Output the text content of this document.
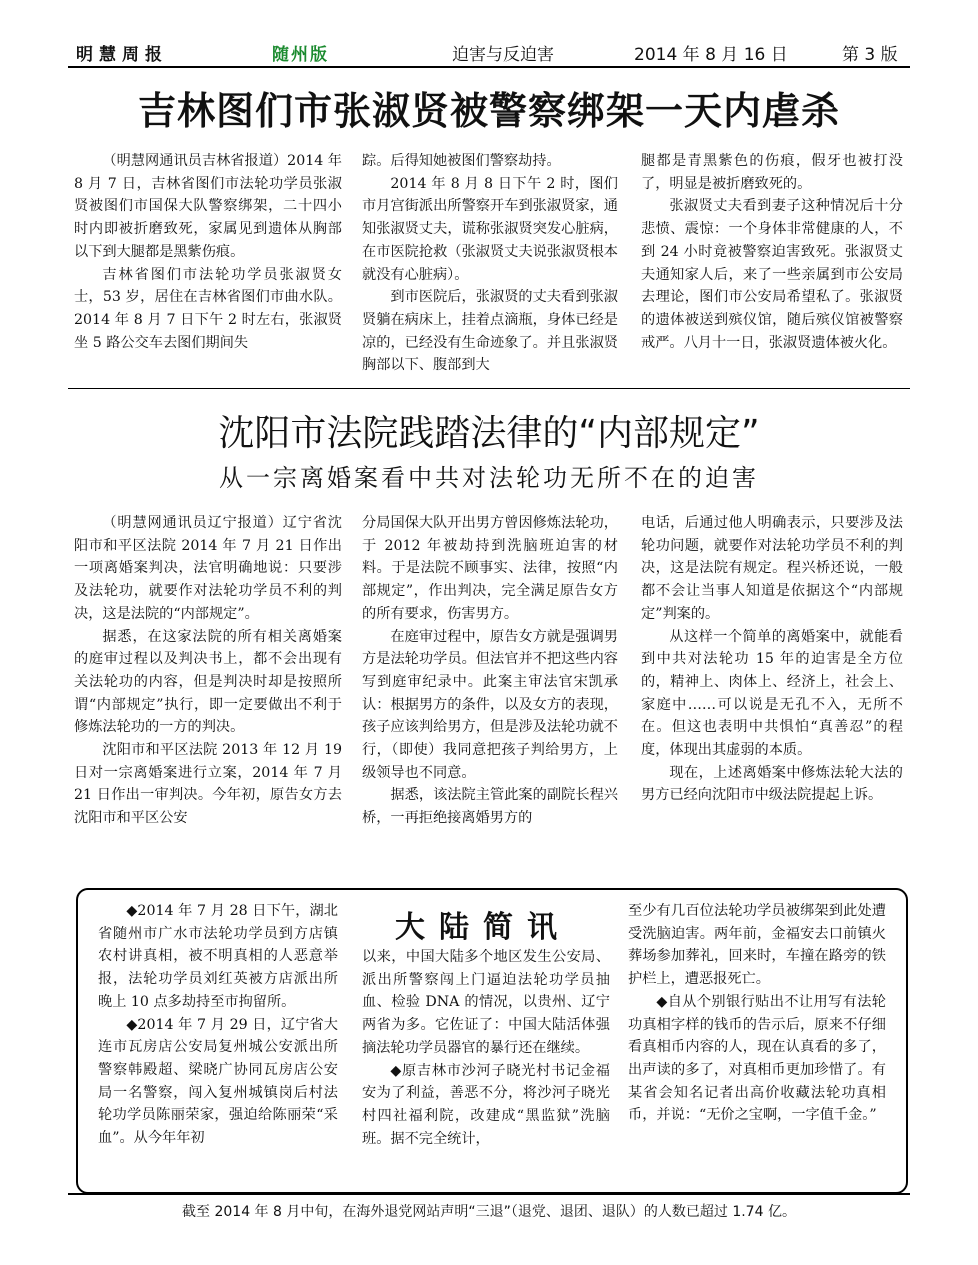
明慧周报	随州版	迫害与反迫害	2014 年 8 月 16 日	第 3 版
吉林图们市张淑贤被警察绑架一天内虐杀

（明慧网通讯员吉林省报道）2014 年 8 月 7 日，吉林省图们市法轮功学员张淑贤被图们市国保大队警察绑架，二十四小时内即被折磨致死，家属见到遗体从胸部以下到大腿都是黑紫伤痕。

吉林省图们市法轮功学员张淑贤女士，53 岁，居住在吉林省图们市曲水队。2014 年 8 月 7 日下午 2 时左右，张淑贤坐 5 路公交车去图们期间失

踪。后得知她被图们警察劫持。

2014 年 8 月 8 日下午 2 时，图们市月宫街派出所警察开车到张淑贤家，通知张淑贤丈夫，谎称张淑贤突发心脏病，在市医院抢救（张淑贤丈夫说张淑贤根本就没有心脏病）。

到市医院后，张淑贤的丈夫看到张淑贤躺在病床上，挂着点滴瓶，身体已经是凉的，已经没有生命迹象了。并且张淑贤胸部以下、腹部到大

腿都是青黑紫色的伤痕，假牙也被打没了，明显是被折磨致死的。

张淑贤丈夫看到妻子这种情况后十分悲愤、震惊：一个身体非常健康的人，不到 24 小时竟被警察迫害致死。张淑贤丈夫通知家人后，来了一些亲属到市公安局去理论，图们市公安局希望私了。张淑贤的遗体被送到殡仪馆，随后殡仪馆被警察戒严。八月十一日，张淑贤遗体被火化。

沈阳市法院践踏法律的“内部规定”
从一宗离婚案看中共对法轮功无所不在的迫害

（明慧网通讯员辽宁报道）辽宁省沈阳市和平区法院 2014 年 7 月 21 日作出一项离婚案判决，法官明确地说：只要涉及法轮功，就要作对法轮功学员不利的判决，这是法院的“内部规定”。

据悉，在这家法院的所有相关离婚案的庭审过程以及判决书上，都不会出现有关法轮功的内容，但是判决时却是按照所谓“内部规定”执行，即一定要做出不利于修炼法轮功的一方的判决。

沈阳市和平区法院 2013 年 12 月 19 日对一宗离婚案进行立案，2014 年 7 月 21 日作出一审判决。今年初，原告女方去沈阳市和平区公安

分局国保大队开出男方曾因修炼法轮功，于 2012 年被劫持到洗脑班迫害的材料。于是法院不顾事实、法律，按照“内部规定”，作出判决，完全满足原告女方的所有要求，伤害男方。

在庭审过程中，原告女方就是强调男方是法轮功学员。但法官并不把这些内容写到庭审纪录中。此案主审法官宋凯承认：根据男方的条件，以及女方的表现，孩子应该判给男方，但是涉及法轮功就不行，（即使）我同意把孩子判给男方，上级领导也不同意。

据悉，该法院主管此案的副院长程兴桥，一再拒绝接离婚男方的

电话，后通过他人明确表示，只要涉及法轮功问题，就要作对法轮功学员不利的判决，这是法院有规定。程兴桥还说，一般都不会让当事人知道是依据这个“内部规定”判案的。

从这样一个简单的离婚案中，就能看到中共对法轮功 15 年的迫害是全方位的，精神上、肉体上、经济上，社会上、家庭中……可以说是无孔不入，无所不在。但这也表明中共惧怕“真善忍”的程度，体现出其虚弱的本质。

现在，上述离婚案中修炼法轮大法的男方已经向沈阳市中级法院提起上诉。

大陆简讯

◆2014 年 7 月 28 日下午，湖北省随州市广水市法轮功学员到方店镇农村讲真相，被不明真相的人恶意举报，法轮功学员刘红英被方店派出所晚上 10 点多劫持至市拘留所。

◆2014 年 7 月 29 日，辽宁省大连市瓦房店公安局复州城公安派出所警察韩殿超、梁晓广协同瓦房店公安局一名警察，闯入复州城镇岗后村法轮功学员陈丽荣家，强迫给陈丽荣“采血”。从今年年初

以来，中国大陆多个地区发生公安局、派出所警察闯上门逼迫法轮功学员抽血、检验 DNA 的情况，以贵州、辽宁两省为多。它佐证了：中国大陆活体强摘法轮功学员器官的暴行还在继续。

◆原吉林市沙河子晓光村书记金福安为了利益，善恶不分，将沙河子晓光村四社福利院，改建成“黑监狱”洗脑班。据不完全统计，

至少有几百位法轮功学员被绑架到此处遭受洗脑迫害。两年前，金福安去口前镇火葬场参加葬礼，回来时，车撞在路旁的铁护栏上，遭恶报死亡。

◆自从个别银行贴出不让用写有法轮功真相字样的钱币的告示后，原来不仔细看真相币内容的人，现在认真看的多了，出声读的多了，对真相币更加珍惜了。有某省会知名记者出高价收藏法轮功真相币，并说：“无价之宝啊，一字值千金。”

截至 2014 年 8 月中旬，在海外退党网站声明“三退”（退党、退团、退队）的人数已超过 1.74 亿。
